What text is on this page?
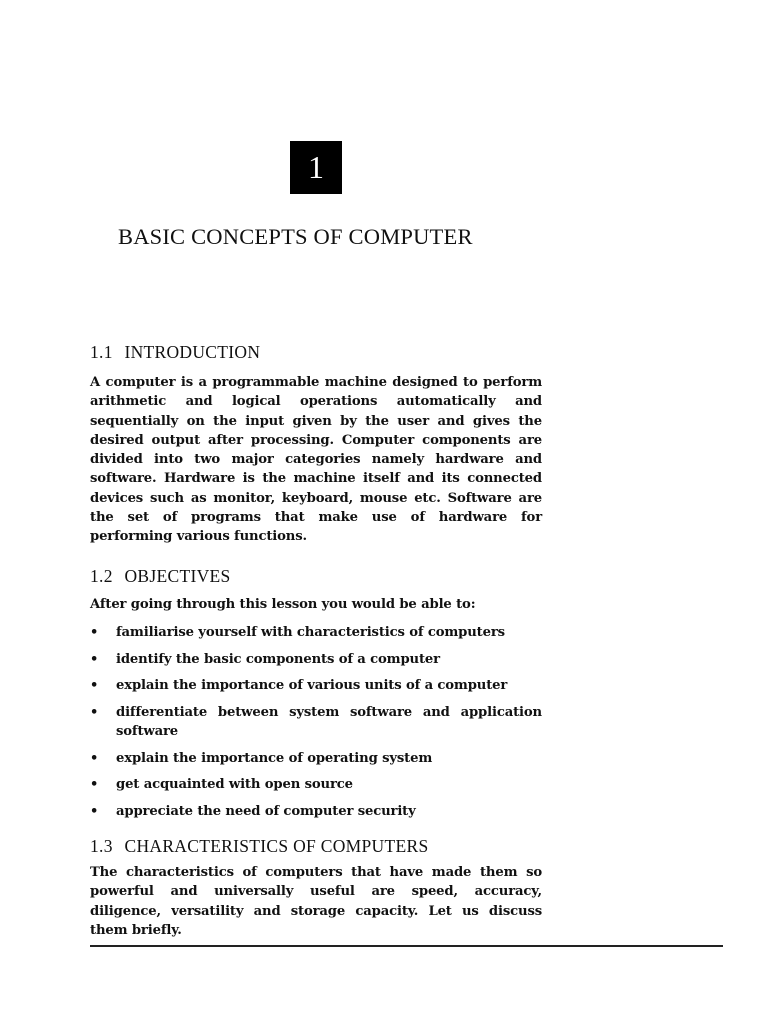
1
BASIC CONCEPTS OF COMPUTER
1.1 INTRODUCTION

A computer is a programmable machine designed to perform arithmetic and logical operations automatically and sequentially on the input given by the user and gives the desired output after processing. Computer components are divided into two major categories namely hardware and software. Hardware is the machine itself and its connected devices such as monitor, keyboard, mouse etc. Software are the set of programs that make use of hardware for performing various functions.

1.2 OBJECTIVES

After going through this lesson you would be able to:

• familiarise yourself with characteristics of computers
• identify the basic components of a computer
• explain the importance of various units of a computer
• differentiate between system software and application software
• explain the importance of operating system
• get acquainted with open source
• appreciate the need of computer security
1.3 CHARACTERISTICS OF COMPUTERS

The characteristics of computers that have made them so powerful and universally useful are speed, accuracy, diligence, versatility and storage capacity. Let us discuss them briefly.
